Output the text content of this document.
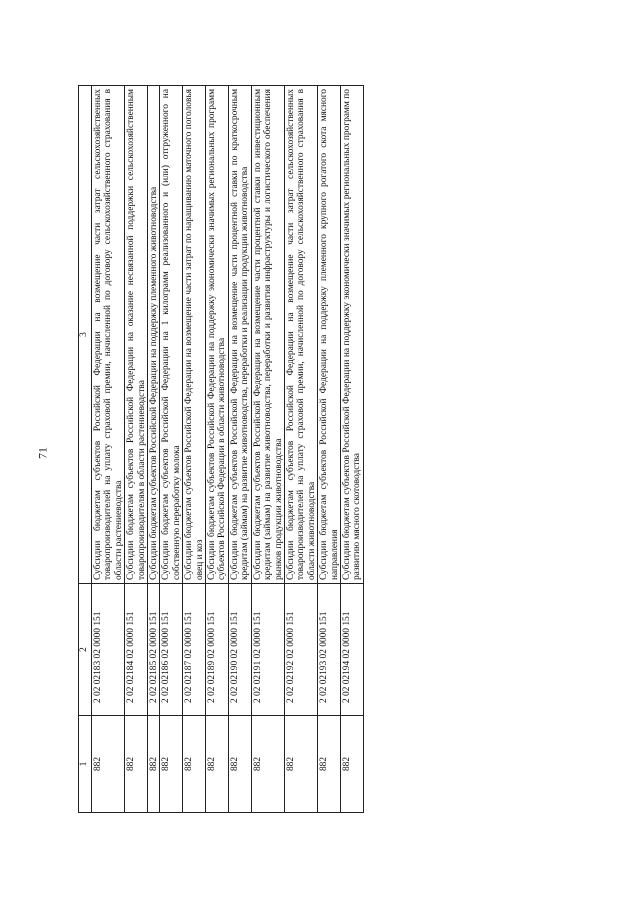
71
1	2	3
882	2 02 02183 02 0000 151	Субсидии бюджетам субъектов Российской Федерации на возмещение части затрат сельскохозяйственных товаропроизводителей на уплату страховой премии, начисленной по договору сельскохозяйственного страхования в области растениеводства
882	2 02 02184 02 0000 151	Субсидии бюджетам субъектов Российской Федерации на оказание несвязанной поддержки сельскохозяйственным товаропроизводителям в области растениеводства
882	2 02 02185 02 0000 151	Субсидии бюджетам субъектов Российской Федерации на поддержку племенного животноводства
882	2 02 02186 02 0000 151	Субсидии бюджетам субъектов Российской Федерации на 1 килограмм реализованного и (или) отгруженного на собственную переработку молока
882	2 02 02187 02 0000 151	Субсидии бюджетам субъектов Российской Федерации на возмещение части затрат по наращиванию маточного поголовья овец и коз
882	2 02 02189 02 0000 151	Субсидии бюджетам субъектов Российской Федерации на поддержку экономически значимых региональных программ субъектов Российской Федерации в области животноводства
882	2 02 02190 02 0000 151	Субсидии бюджетам субъектов Российской Федерации на возмещение части процентной ставки по краткосрочным кредитам (займам) на развитие животноводства, переработки и реализации продукции животноводства
882	2 02 02191 02 0000 151	Субсидии бюджетам субъектов Российской Федерации на возмещение части процентной ставки по инвестиционным кредитам (займам) на развитие животноводства, переработки и развития инфраструктуры и логистического обеспечения рынков продукции животноводства
882	2 02 02192 02 0000 151	Субсидии бюджетам субъектов Российской Федерации на возмещение части затрат сельскохозяйственных товаропроизводителей на уплату страховой премии, начисленной по договору сельскохозяйственного страхования в области животноводства
882	2 02 02193 02 0000 151	Субсидии бюджетам субъектов Российской Федерации на поддержку племенного крупного рогатого скота мясного направления
882	2 02 02194 02 0000 151	Субсидии бюджетам субъектов Российской Федерации на поддержку экономически значимых региональных программ по развитию мясного скотоводства
